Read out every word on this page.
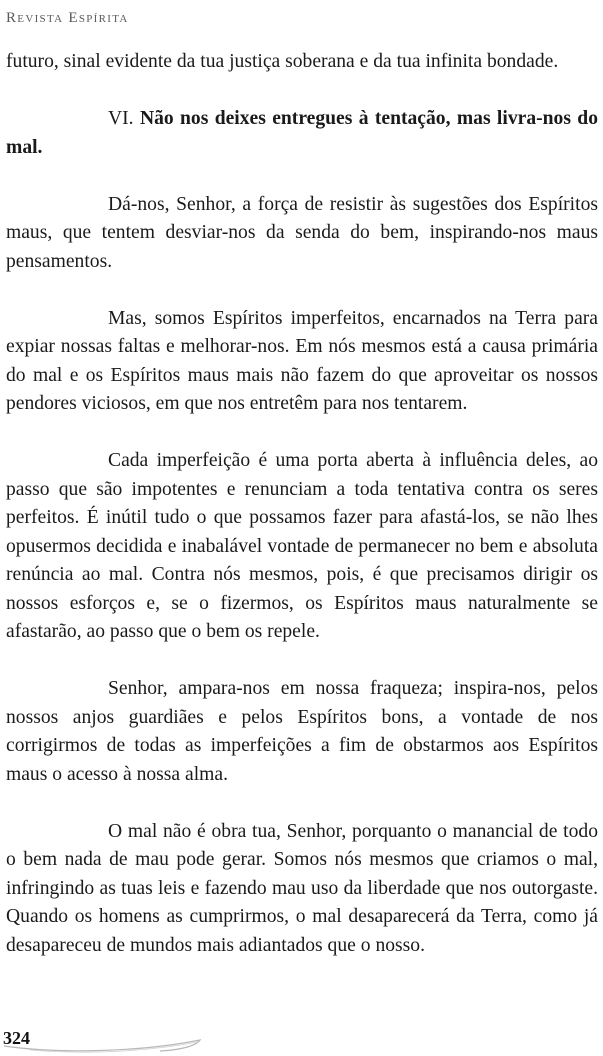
Revista Espírita

futuro, sinal evidente da tua justiça soberana e da tua infinita bondade.

VI. Não nos deixes entregues à tentação, mas livra-nos do mal.

Dá-nos, Senhor, a força de resistir às sugestões dos Espíritos maus, que tentem desviar-nos da senda do bem, inspirando-nos maus pensamentos.

Mas, somos Espíritos imperfeitos, encarnados na Terra para expiar nossas faltas e melhorar-nos. Em nós mesmos está a causa primária do mal e os Espíritos maus mais não fazem do que aproveitar os nossos pendores viciosos, em que nos entretêm para nos tentarem.

Cada imperfeição é uma porta aberta à influência deles, ao passo que são impotentes e renunciam a toda tentativa contra os seres perfeitos. É inútil tudo o que possamos fazer para afastá-los, se não lhes opusermos decidida e inabalável vontade de permanecer no bem e absoluta renúncia ao mal. Contra nós mesmos, pois, é que precisamos dirigir os nossos esforços e, se o fizermos, os Espíritos maus naturalmente se afastarão, ao passo que o bem os repele.

Senhor, ampara-nos em nossa fraqueza; inspira-nos, pelos nossos anjos guardiães e pelos Espíritos bons, a vontade de nos corrigirmos de todas as imperfeições a fim de obstarmos aos Espíritos maus o acesso à nossa alma.

O mal não é obra tua, Senhor, porquanto o manancial de todo o bem nada de mau pode gerar. Somos nós mesmos que criamos o mal, infringindo as tuas leis e fazendo mau uso da liberdade que nos outorgaste. Quando os homens as cumprirmos, o mal desaparecerá da Terra, como já desapareceu de mundos mais adiantados que o nosso.

324
